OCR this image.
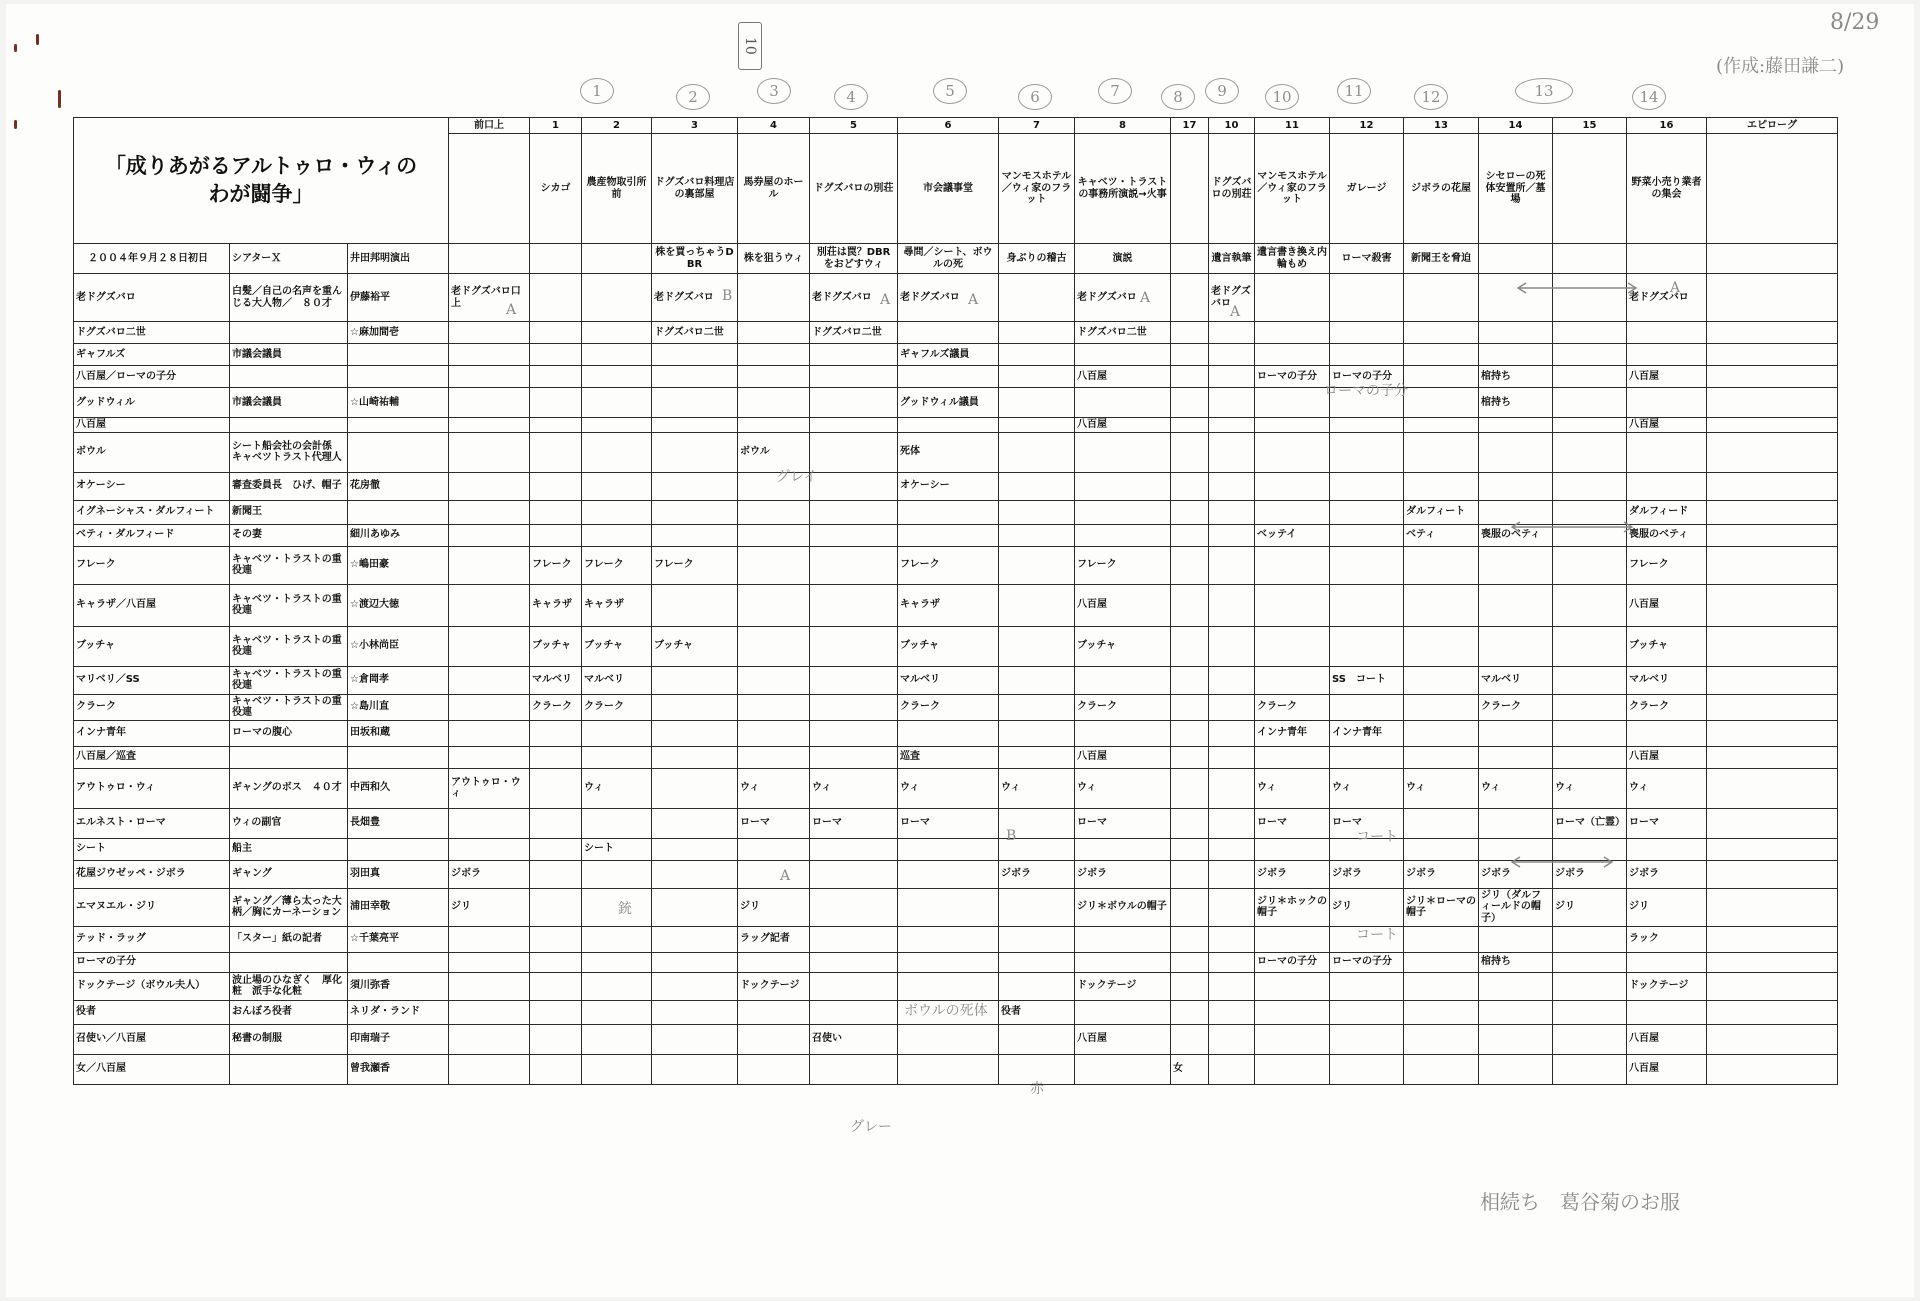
10
8/29
(作成:藤田謙二)
相続ち　葛谷菊のお服
1	2	3	4	5	6	7	8	9	10	11	12	13	14
「成りあがるアルトゥロ・ウィの
わが闘争」			前口上	1	2	3	4	5	6	7	8	17	10	11	12	13	14	15	16	エピローグ
				シカゴ	農産物取引所前	ドグズバロ料理店の裏部屋	馬券屋のホール	ドグズバロの別荘	市会議事堂	マンモスホテル／ウィ家のフラット	キャベツ・トラストの事務所演説→火事		ドグズバロの別荘	マンモスホテル／ウィ家のフラット	ガレージ	ジボラの花屋	シセローの死体安置所／墓場		野菜小売り業者の集会	
２００４年９月２８日初日	シアターＸ	井田邦明演出				株を買っちゃうDBR	株を狙うウィ	別荘は罠？DBRをおどすウィ	尋問／シート、ボウルの死	身ぶりの稽古	演説		遺言執筆	遺言書き換え内輪もめ	ローマ殺害	新聞王を脅迫				
老ドグズバロ	白髪／自己の名声を重んじる大人物／　８０才	伊藤裕平	老ドグズバロ口上			老ドグズバロ		老ドグズバロ	老ドグズバロ		老ドグズバロ		老ドグズバロ						老ドグズバロ	
ドグズバロ二世		☆麻加間壱				ドグズバロ二世		ドグズバロ二世			ドグズバロ二世									
ギャフルズ	市議会議員								ギャフルズ議員											
八百屋／ローマの子分											八百屋			ローマの子分	ローマの子分		棺持ち		八百屋	
グッドウィル	市議会議員	☆山崎祐輔							グッドウィル議員								棺持ち			
八百屋											八百屋								八百屋	
ボウル	シート船会社の会計係　キャベツトラスト代理人						ボウル		死体											
オケーシー	審査委員長　ひげ、帽子	花房徹							オケーシー											
イグネーシャス・ダルフィート	新聞王															ダルフィート			ダルフィード	
ベティ・ダルフィード	その妻	細川あゆみ												ベッテイ		ベティ	喪服のベティ		喪服のベティ	
フレーク	キャベツ・トラストの重役連	☆嶋田豪		フレーク	フレーク	フレーク			フレーク		フレーク								フレーク	
キャラザ／八百屋	キャベツ・トラストの重役連	☆渡辺大徳		キャラザ	キャラザ				キャラザ		八百屋								八百屋	
ブッチャ	キャベツ・トラストの重役連	☆小林尚臣		ブッチャ	ブッチャ	ブッチャ			ブッチャ		ブッチャ								ブッチャ	
マリベリ／SS	キャベツ・トラストの重役連	☆倉岡孝		マルベリ	マルベリ				マルベリ						SS　コート		マルベリ		マルベリ	
クラーク	キャベツ・トラストの重役連	☆島川直		クラーク	クラーク				クラーク		クラーク			クラーク			クラーク		クラーク	
インナ青年	ローマの腹心	田坂和蔵												インナ青年	インナ青年					
八百屋／巡査									巡査		八百屋								八百屋	
アウトゥロ・ウィ	ギャングのボス　４０才	中西和久	アウトゥロ・ウィ		ウィ		ウィ	ウィ	ウィ	ウィ	ウィ			ウィ	ウィ	ウィ	ウィ	ウィ	ウィ	
エルネスト・ローマ	ウィの副官	長畑豊					ローマ	ローマ	ローマ		ローマ			ローマ	ローマ			ローマ（亡霊）	ローマ	
シート	船主				シート															
花屋ジウゼッペ・ジボラ	ギャング	羽田真	ジボラ							ジボラ	ジボラ			ジボラ	ジボラ	ジボラ	ジボラ	ジボラ	ジボラ	
エマヌエル・ジリ	ギャング／薄ら太った大柄／胸にカーネーション	浦田幸敬	ジリ				ジリ				ジリ＊ボウルの帽子			ジリ＊ホックの帽子	ジリ	ジリ＊ローマの帽子	ジリ（ダルフィールドの帽子）	ジリ	ジリ	
テッド・ラッグ	「スター」紙の記者	☆千葉亮平					ラッグ記者												ラック	
ローマの子分														ローマの子分	ローマの子分		棺持ち			
ドックテージ（ボウル夫人）	波止場のひなぎく　厚化粧　派手な化粧	須川弥香					ドックテージ				ドックテージ								ドックテージ	
役者	おんぼろ役者	ネリダ・ランド								役者										
召使い／八百屋	秘書の制服	印南瑞子						召使い			八百屋								八百屋	
女／八百屋		曾我瀬香										女							八百屋	
A
B	A	A	A
A
A
B	コート
A
銃
コート
グレイ
グレー
赤
ローマの子分
ボウルの死体
